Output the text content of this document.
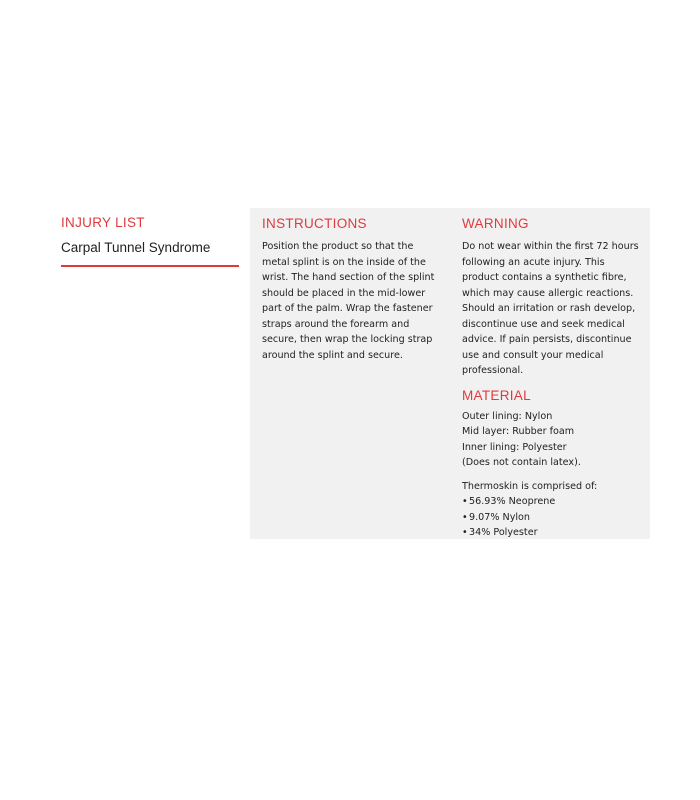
INJURY LIST
Carpal Tunnel Syndrome
INSTRUCTIONS

Position the product so that the metal splint is on the inside of the wrist. The hand section of the splint should be placed in the mid-lower part of the palm. Wrap the fastener straps around the forearm and secure, then wrap the locking strap around the splint and secure.

WARNING

Do not wear within the first 72 hours following an acute injury. This product contains a synthetic fibre, which may cause allergic reactions. Should an irritation or rash develop, discontinue use and seek medical advice. If pain persists, discontinue use and consult your medical professional.

MATERIAL
Outer lining: Nylon
Mid layer: Rubber foam
Inner lining: Polyester
(Does not contain latex).

Thermoskin is comprised of:

•56.93% Neoprene
•9.07% Nylon
•34% Polyester
